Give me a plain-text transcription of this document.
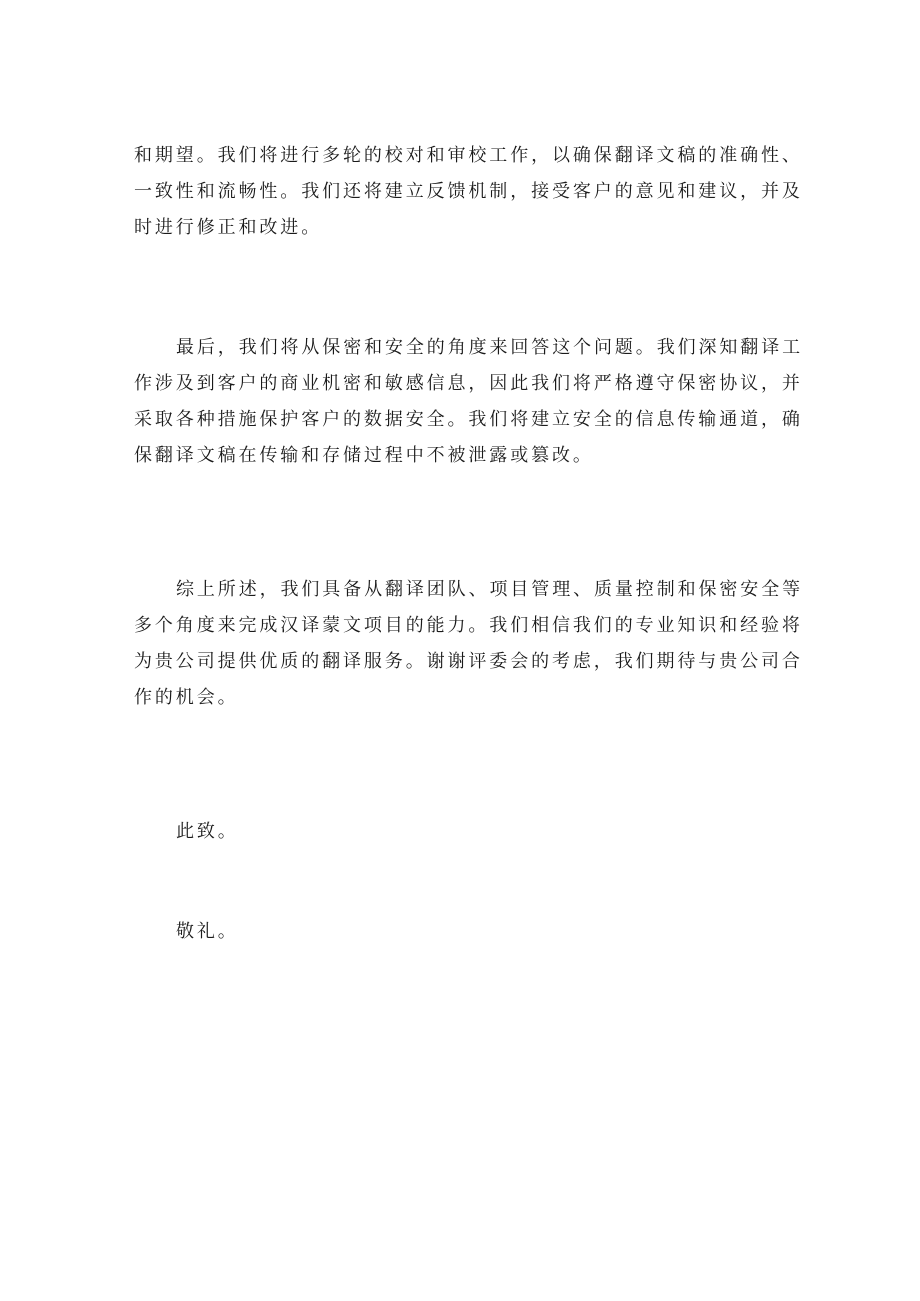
和期望。我们将进行多轮的校对和审校工作，以确保翻译文稿的准确性、
一致性和流畅性。我们还将建立反馈机制，接受客户的意见和建议，并及
时进行修正和改进。
最后，我们将从保密和安全的角度来回答这个问题。我们深知翻译工
作涉及到客户的商业机密和敏感信息，因此我们将严格遵守保密协议，并
采取各种措施保护客户的数据安全。我们将建立安全的信息传输通道，确
保翻译文稿在传输和存储过程中不被泄露或篡改。
综上所述，我们具备从翻译团队、项目管理、质量控制和保密安全等
多个角度来完成汉译蒙文项目的能力。我们相信我们的专业知识和经验将
为贵公司提供优质的翻译服务。谢谢评委会的考虑，我们期待与贵公司合
作的机会。
此致。
敬礼。
